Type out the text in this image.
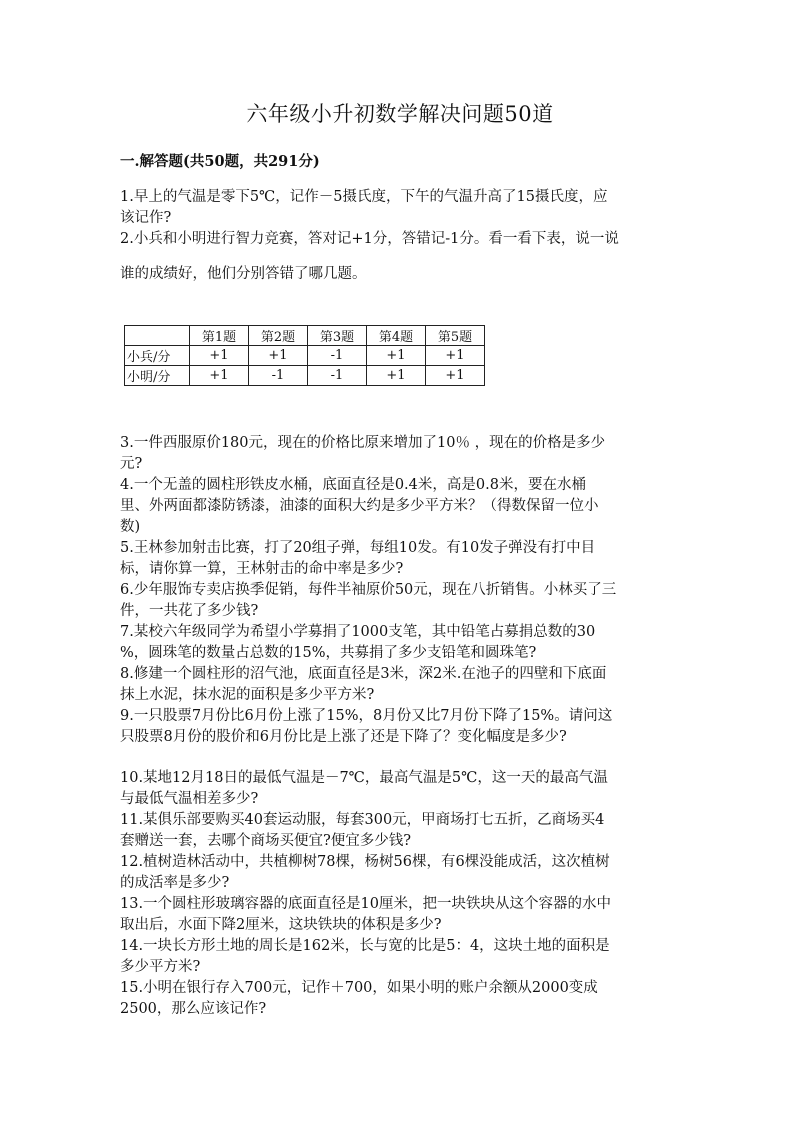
六年级小升初数学解决问题50道
一.解答题(共50题，共291分)
1.早上的气温是零下5℃，记作－5摄氏度，下午的气温升高了15摄氏度，应
该记作?
2.小兵和小明进行智力竞赛，答对记+1分，答错记-1分。看一看下表，说一说
谁的成绩好，他们分别答错了哪几题。
	第1题	第2题	第3题	第4题	第5题
小兵/分	+1	+1	-1	+1	+1
小明/分	+1	-1	-1	+1	+1
3.一件西服原价180元，现在的价格比原来增加了10％ ，现在的价格是多少
元?
4.一个无盖的圆柱形铁皮水桶，底面直径是0.4米，高是0.8米，要在水桶
里、外两面都漆防锈漆，油漆的面积大约是多少平方米？（得数保留一位小
数)
5.王林参加射击比赛，打了20组子弹，每组10发。有10发子弹没有打中目
标，请你算一算，王林射击的命中率是多少?
6.少年服饰专卖店换季促销，每件半袖原价50元，现在八折销售。小林买了三
件，一共花了多少钱?
7.某校六年级同学为希望小学募捐了1000支笔，其中铅笔占募捐总数的30
%，圆珠笔的数量占总数的15%，共募捐了多少支铅笔和圆珠笔?
8.修建一个圆柱形的沼气池，底面直径是3米，深2米.在池子的四壁和下底面
抹上水泥，抹水泥的面积是多少平方米?
9.一只股票7月份比6月份上涨了15%，8月份又比7月份下降了15%。请问这
只股票8月份的股价和6月份比是上涨了还是下降了？变化幅度是多少?
10.某地12月18日的最低气温是－7℃，最高气温是5℃，这一天的最高气温
与最低气温相差多少?
11.某俱乐部要购买40套运动服，每套300元，甲商场打七五折，乙商场买4
套赠送一套，去哪个商场买便宜?便宜多少钱?
12.植树造林活动中，共植柳树78棵，杨树56棵，有6棵没能成活，这次植树
的成活率是多少?
13.一个圆柱形玻璃容器的底面直径是10厘米，把一块铁块从这个容器的水中
取出后，水面下降2厘米，这块铁块的体积是多少?
14.一块长方形土地的周长是162米，长与宽的比是5：4，这块土地的面积是
多少平方米?
15.小明在银行存入700元，记作＋700，如果小明的账户余额从2000变成
2500，那么应该记作?
